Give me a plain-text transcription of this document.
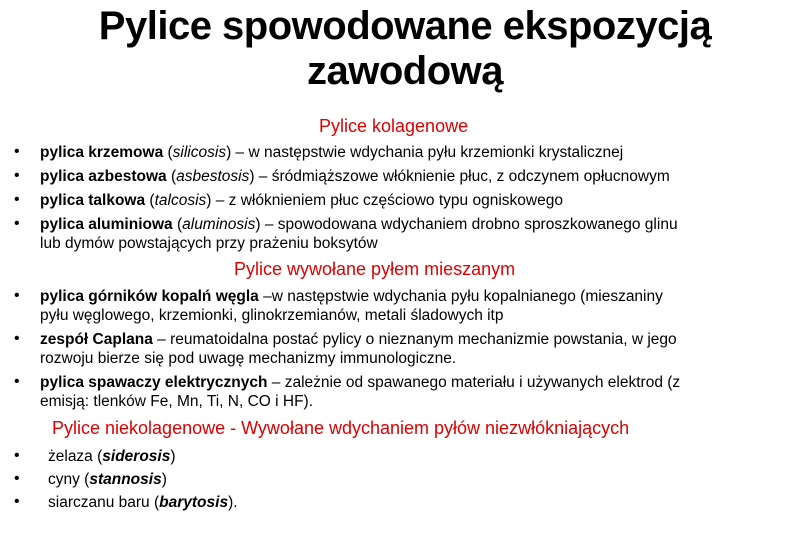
Pylice spowodowane ekspozycją
zawodową
Pylice kolagenowe
• pylica krzemowa (silicosis) – w następstwie wdychania pyłu krzemionki krystalicznej
• pylica azbestowa (asbestosis) – śródmiąższowe włóknienie płuc, z odczynem opłucnowym
• pylica talkowa (talcosis) – z włóknieniem płuc częściowo typu ogniskowego
• pylica aluminiowa (aluminosis) – spowodowana wdychaniem drobno sproszkowanego glinu
lub dymów powstających przy prażeniu boksytów
Pylice wywołane pyłem mieszanym
• pylica górników kopalń węgla –w następstwie wdychania pyłu kopalnianego (mieszaniny
pyłu węglowego, krzemionki, glinokrzemianów, metali śladowych itp
• zespół Caplana – reumatoidalna postać pylicy o nieznanym mechanizmie powstania, w jego
rozwoju bierze się pod uwagę mechanizmy immunologiczne.
• pylica spawaczy elektrycznych – zależnie od spawanego materiału i używanych elektrod (z
emisją: tlenków Fe, Mn, Ti, N, CO i HF).
Pylice niekolagenowe - Wywołane wdychaniem pyłów niezwłókniających
• żelaza (siderosis)
• cyny (stannosis)
• siarczanu baru (barytosis).
